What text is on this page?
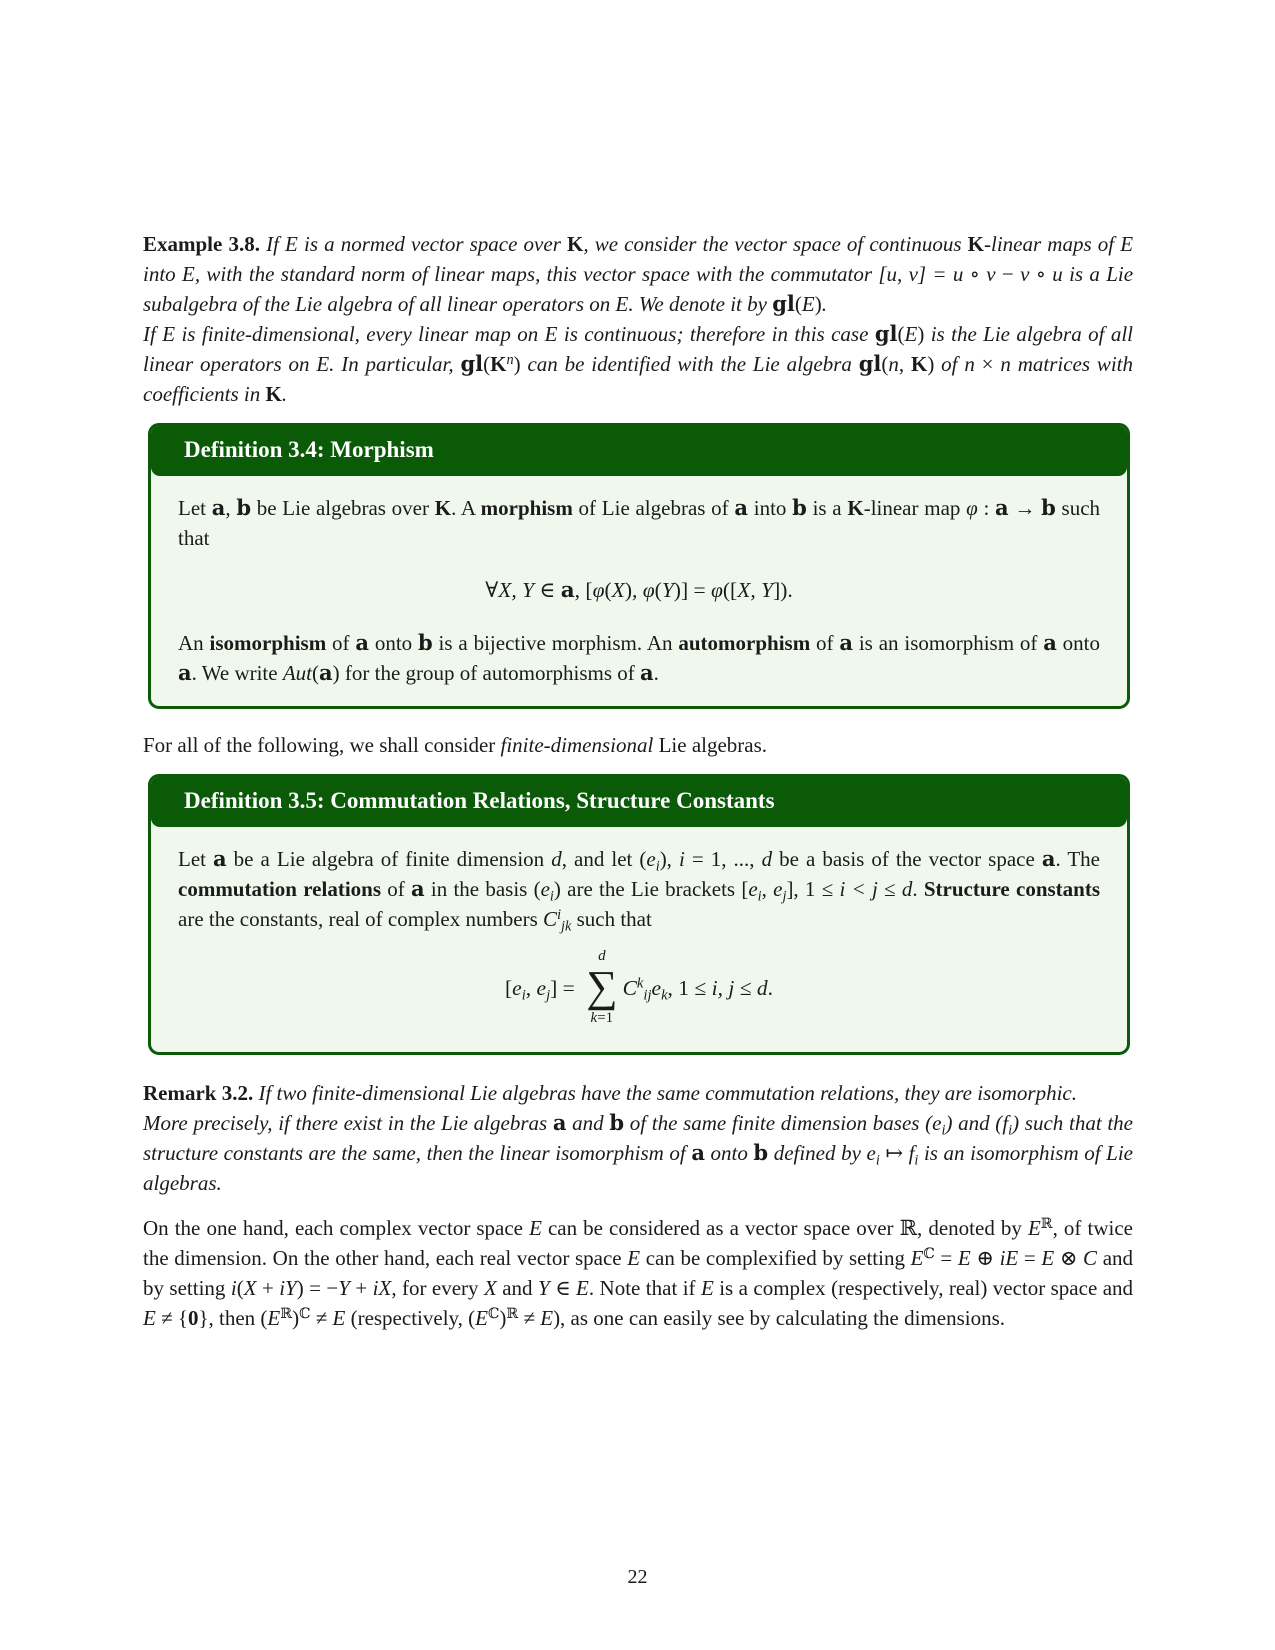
Example 3.8. If E is a normed vector space over K, we consider the vector space of continuous K-linear maps of E into E, with the standard norm of linear maps, this vector space with the commutator [u, v] = u ∘ v − v ∘ u is a Lie subalgebra of the Lie algebra of all linear operators on E. We denote it by gl(E).

If E is finite-dimensional, every linear map on E is continuous; therefore in this case gl(E) is the Lie algebra of all linear operators on E. In particular, $gl(K^n)$ can be identified with the Lie algebra gl(n, K) of n × n matrices with coefficients in K.

Definition 3.4: Morphism

Let a, b be Lie algebras over K. A morphism of Lie algebras of a into b is a K-linear map φ : a → b such that

∀X, Y ∈ a, [φ(X), φ(Y)] = φ([X, Y]).

An isomorphism of a onto b is a bijective morphism. An automorphism of a is an isomorphism of a onto a. We write Aut(a) for the group of automorphisms of a.

For all of the following, we shall consider finite-dimensional Lie algebras.

Definition 3.5: Commutation Relations, Structure Constants

Let a be a Lie algebra of finite dimension d, and let $(e_i)$, i = 1, ..., d be a basis of the vector space a. The commutation relations of a in the basis $(e_i)$ are the Lie brackets [$e_i$, $e_j$], 1 ≤ i < j ≤ d. Structure constants are the constants, real of complex numbers $C^i_{jk}$ such that

[$e_i$, $e_j$] =
d
∑
k=1
$C^k_{ij}e_k$, 1 ≤ i, j ≤ d.

Remark 3.2. If two finite-dimensional Lie algebras have the same commutation relations, they are isomorphic.

More precisely, if there exist in the Lie algebras a and b of the same finite dimension bases $(e_i)$ and $(f_i)$ such that the structure constants are the same, then the linear isomorphism of a onto b defined by $e_i$ ↦ $f_i$ is an isomorphism of Lie algebras.

On the one hand, each complex vector space E can be considered as a vector space over ℝ, denoted by $E^ℝ$, of twice the dimension. On the other hand, each real vector space E can be complexified by setting $E^ℂ = E$ ⊕ iE = E ⊗ C and by setting i(X + iY) = −Y + iX, for every X and Y ∈ E. Note that if E is a complex (respectively, real) vector space and E ≠ {0}, then $(E^ℝ)^ℂ \ne E$ (respectively, $(E^ℂ)^ℝ \ne E$), as one can easily see by calculating the dimensions.

22
